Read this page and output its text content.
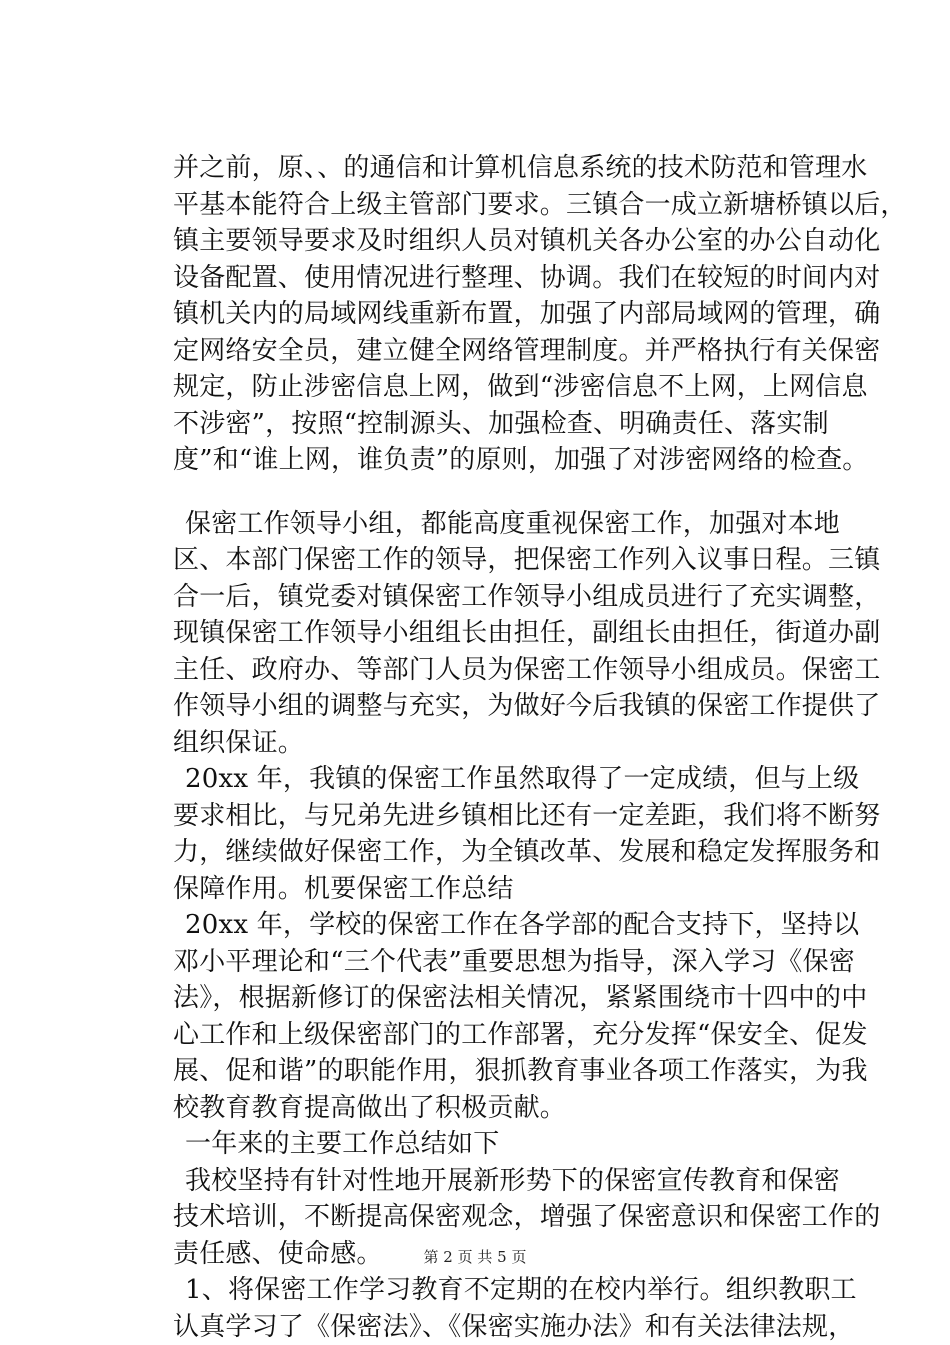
并之前，原、、的通信和计算机信息系统的技术防范和管理水
平基本能符合上级主管部门要求。三镇合一成立新塘桥镇以后，
镇主要领导要求及时组织人员对镇机关各办公室的办公自动化
设备配置、使用情况进行整理、协调。我们在较短的时间内对
镇机关内的局域网线重新布置，加强了内部局域网的管理，确
定网络安全员，建立健全网络管理制度。并严格执行有关保密
规定，防止涉密信息上网，做到“涉密信息不上网，上网信息
不涉密”，按照“控制源头、加强检查、明确责任、落实制
度”和“谁上网，谁负责”的原则，加强了对涉密网络的检查。
保密工作领导小组，都能高度重视保密工作，加强对本地
区、本部门保密工作的领导，把保密工作列入议事日程。三镇
合一后，镇党委对镇保密工作领导小组成员进行了充实调整，
现镇保密工作领导小组组长由担任，副组长由担任，街道办副
主任、政府办、等部门人员为保密工作领导小组成员。保密工
作领导小组的调整与充实，为做好今后我镇的保密工作提供了
组织保证。
20xx 年，我镇的保密工作虽然取得了一定成绩，但与上级
要求相比，与兄弟先进乡镇相比还有一定差距，我们将不断努
力，继续做好保密工作，为全镇改革、发展和稳定发挥服务和
保障作用。机要保密工作总结
20xx 年，学校的保密工作在各学部的配合支持下，坚持以
邓小平理论和“三个代表”重要思想为指导，深入学习《保密
法》，根据新修订的保密法相关情况，紧紧围绕市十四中的中
心工作和上级保密部门的工作部署，充分发挥“保安全、促发
展、促和谐”的职能作用，狠抓教育事业各项工作落实，为我
校教育教育提高做出了积极贡献。
一年来的主要工作总结如下
我校坚持有针对性地开展新形势下的保密宣传教育和保密
技术培训，不断提高保密观念，增强了保密意识和保密工作的
责任感、使命感。
1、将保密工作学习教育不定期的在校内举行。组织教职工
认真学习了《保密法》、《保密实施办法》和有关法律法规，
第 2 页 共 5 页
